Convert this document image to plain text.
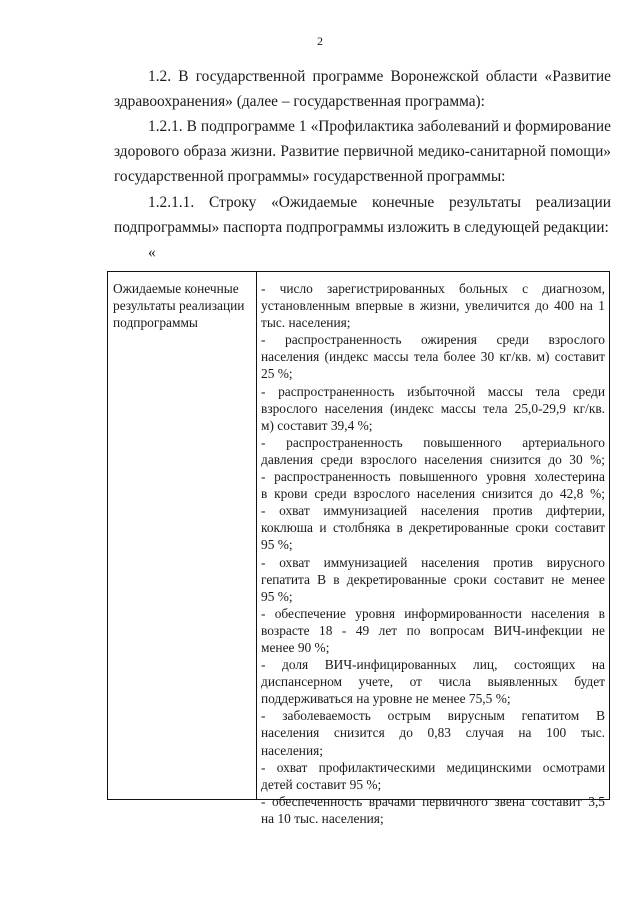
2
1.2. В государственной программе Воронежской области «Развитие
здравоохранения» (далее – государственная программа):
1.2.1. В подпрограмме 1 «Профилактика заболеваний и формирование
здорового образа жизни. Развитие первичной медико-санитарной помощи»
государственной программы» государственной программы:
1.2.1.1. Строку «Ожидаемые конечные результаты реализации
подпрограммы» паспорта подпрограммы изложить в следующей редакции:
«
Ожидаемые конечные
результаты реализации
подпрограммы
- число зарегистрированных больных с диагнозом,
установленным впервые в жизни, увеличится до 400 на 1
тыс. населения;
- распространенность ожирения среди взрослого
населения (индекс массы тела более 30 кг/кв. м) составит
25 %;
- распространенность избыточной массы тела среди
взрослого населения (индекс массы тела 25,0-29,9 кг/кв.
м) составит 39,4 %;
- распространенность повышенного артериального
давления среди взрослого населения снизится до 30 %;
- распространенность повышенного уровня холестерина
в крови среди взрослого населения снизится до 42,8 %;
- охват иммунизацией населения против дифтерии,
коклюша и столбняка в декретированные сроки составит
95 %;
- охват иммунизацией населения против вирусного
гепатита В в декретированные сроки составит не менее
95 %;
- обеспечение уровня информированности населения в
возрасте 18 - 49 лет по вопросам ВИЧ-инфекции не
менее 90 %;
- доля ВИЧ-инфицированных лиц, состоящих на
диспансерном учете, от числа выявленных будет
поддерживаться на уровне не менее 75,5 %;
- заболеваемость острым вирусным гепатитом В
населения снизится до 0,83 случая на 100 тыс.
населения;
- охват профилактическими медицинскими осмотрами
детей составит 95 %;
- обеспеченность врачами первичного звена составит 3,5
на 10 тыс. населения;
